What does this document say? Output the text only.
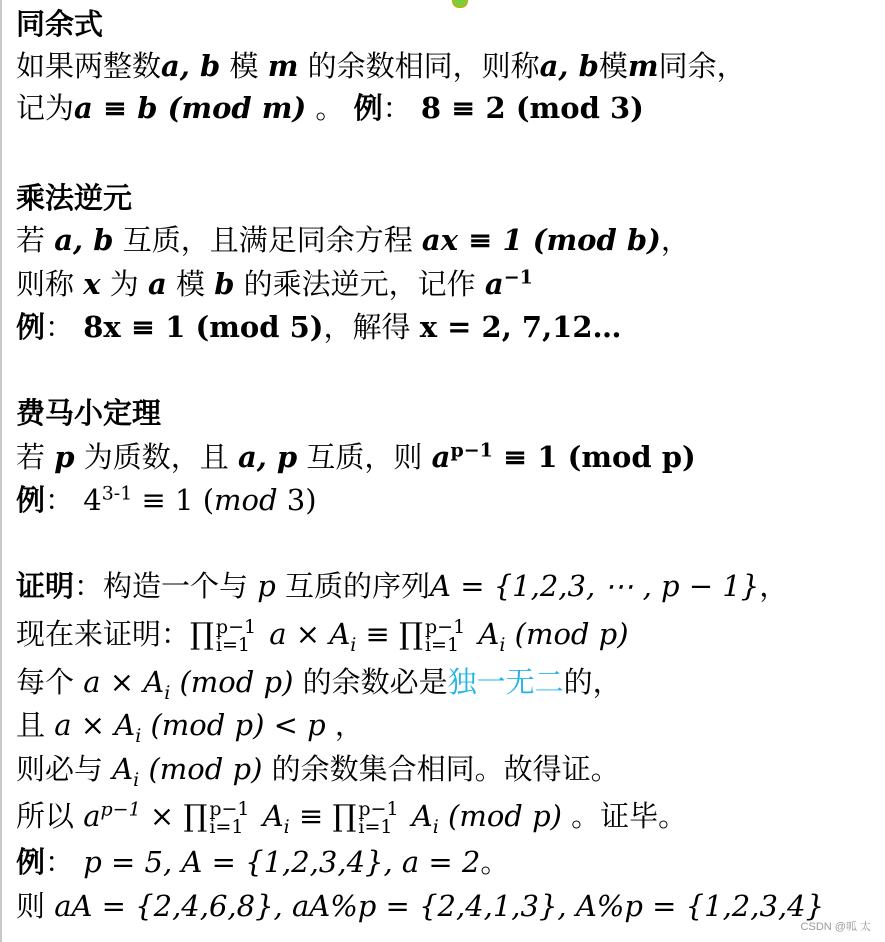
同余式
如果两整数a, b 模 m 的余数相同，则称a, b模m同余，
记为a ≡ b (mod m) 。 例： 8 ≡ 2 (mod 3)
乘法逆元
若 a, b 互质，且满足同余方程 ax ≡ 1 (mod b)，
则称 x 为 a 模 b 的乘法逆元，记作 $a^{-1}$
例： 8x ≡ 1 (mod 5)，解得 x = 2, 7,12…
费马小定理
若 p 为质数，且 a, p 互质，则 $a^{p-1} \equiv 1$ (mod p)
例： $4^{3-1} \equiv 1$ (mod 3)
证明：构造一个与 p 互质的序列A = {1,2,3, ⋯ , p − 1}，
现在来证明：∏ p−1
i=1 $a \times A_i$ ≡ ∏ p−1
i=1 $A_i$ (mod p)
每个 $a \times A_i$ (mod p) 的余数必是独一无二的，
且 $a \times A_i$ (mod p) < p ，
则必与 $A_i$ (mod p) 的余数集合相同。故得证。
所以 $a^{p-1}$ × ∏ p−1
i=1 $A_i$ ≡ ∏ p−1
i=1 $A_i$ (mod p) 。证毕。
例： p = 5, A = {1,2,3,4}, a = 2。
则 aA = {2,4,6,8}, aA%p = {2,4,1,3}, A%p = {1,2,3,4}
CSDN @呱 太
